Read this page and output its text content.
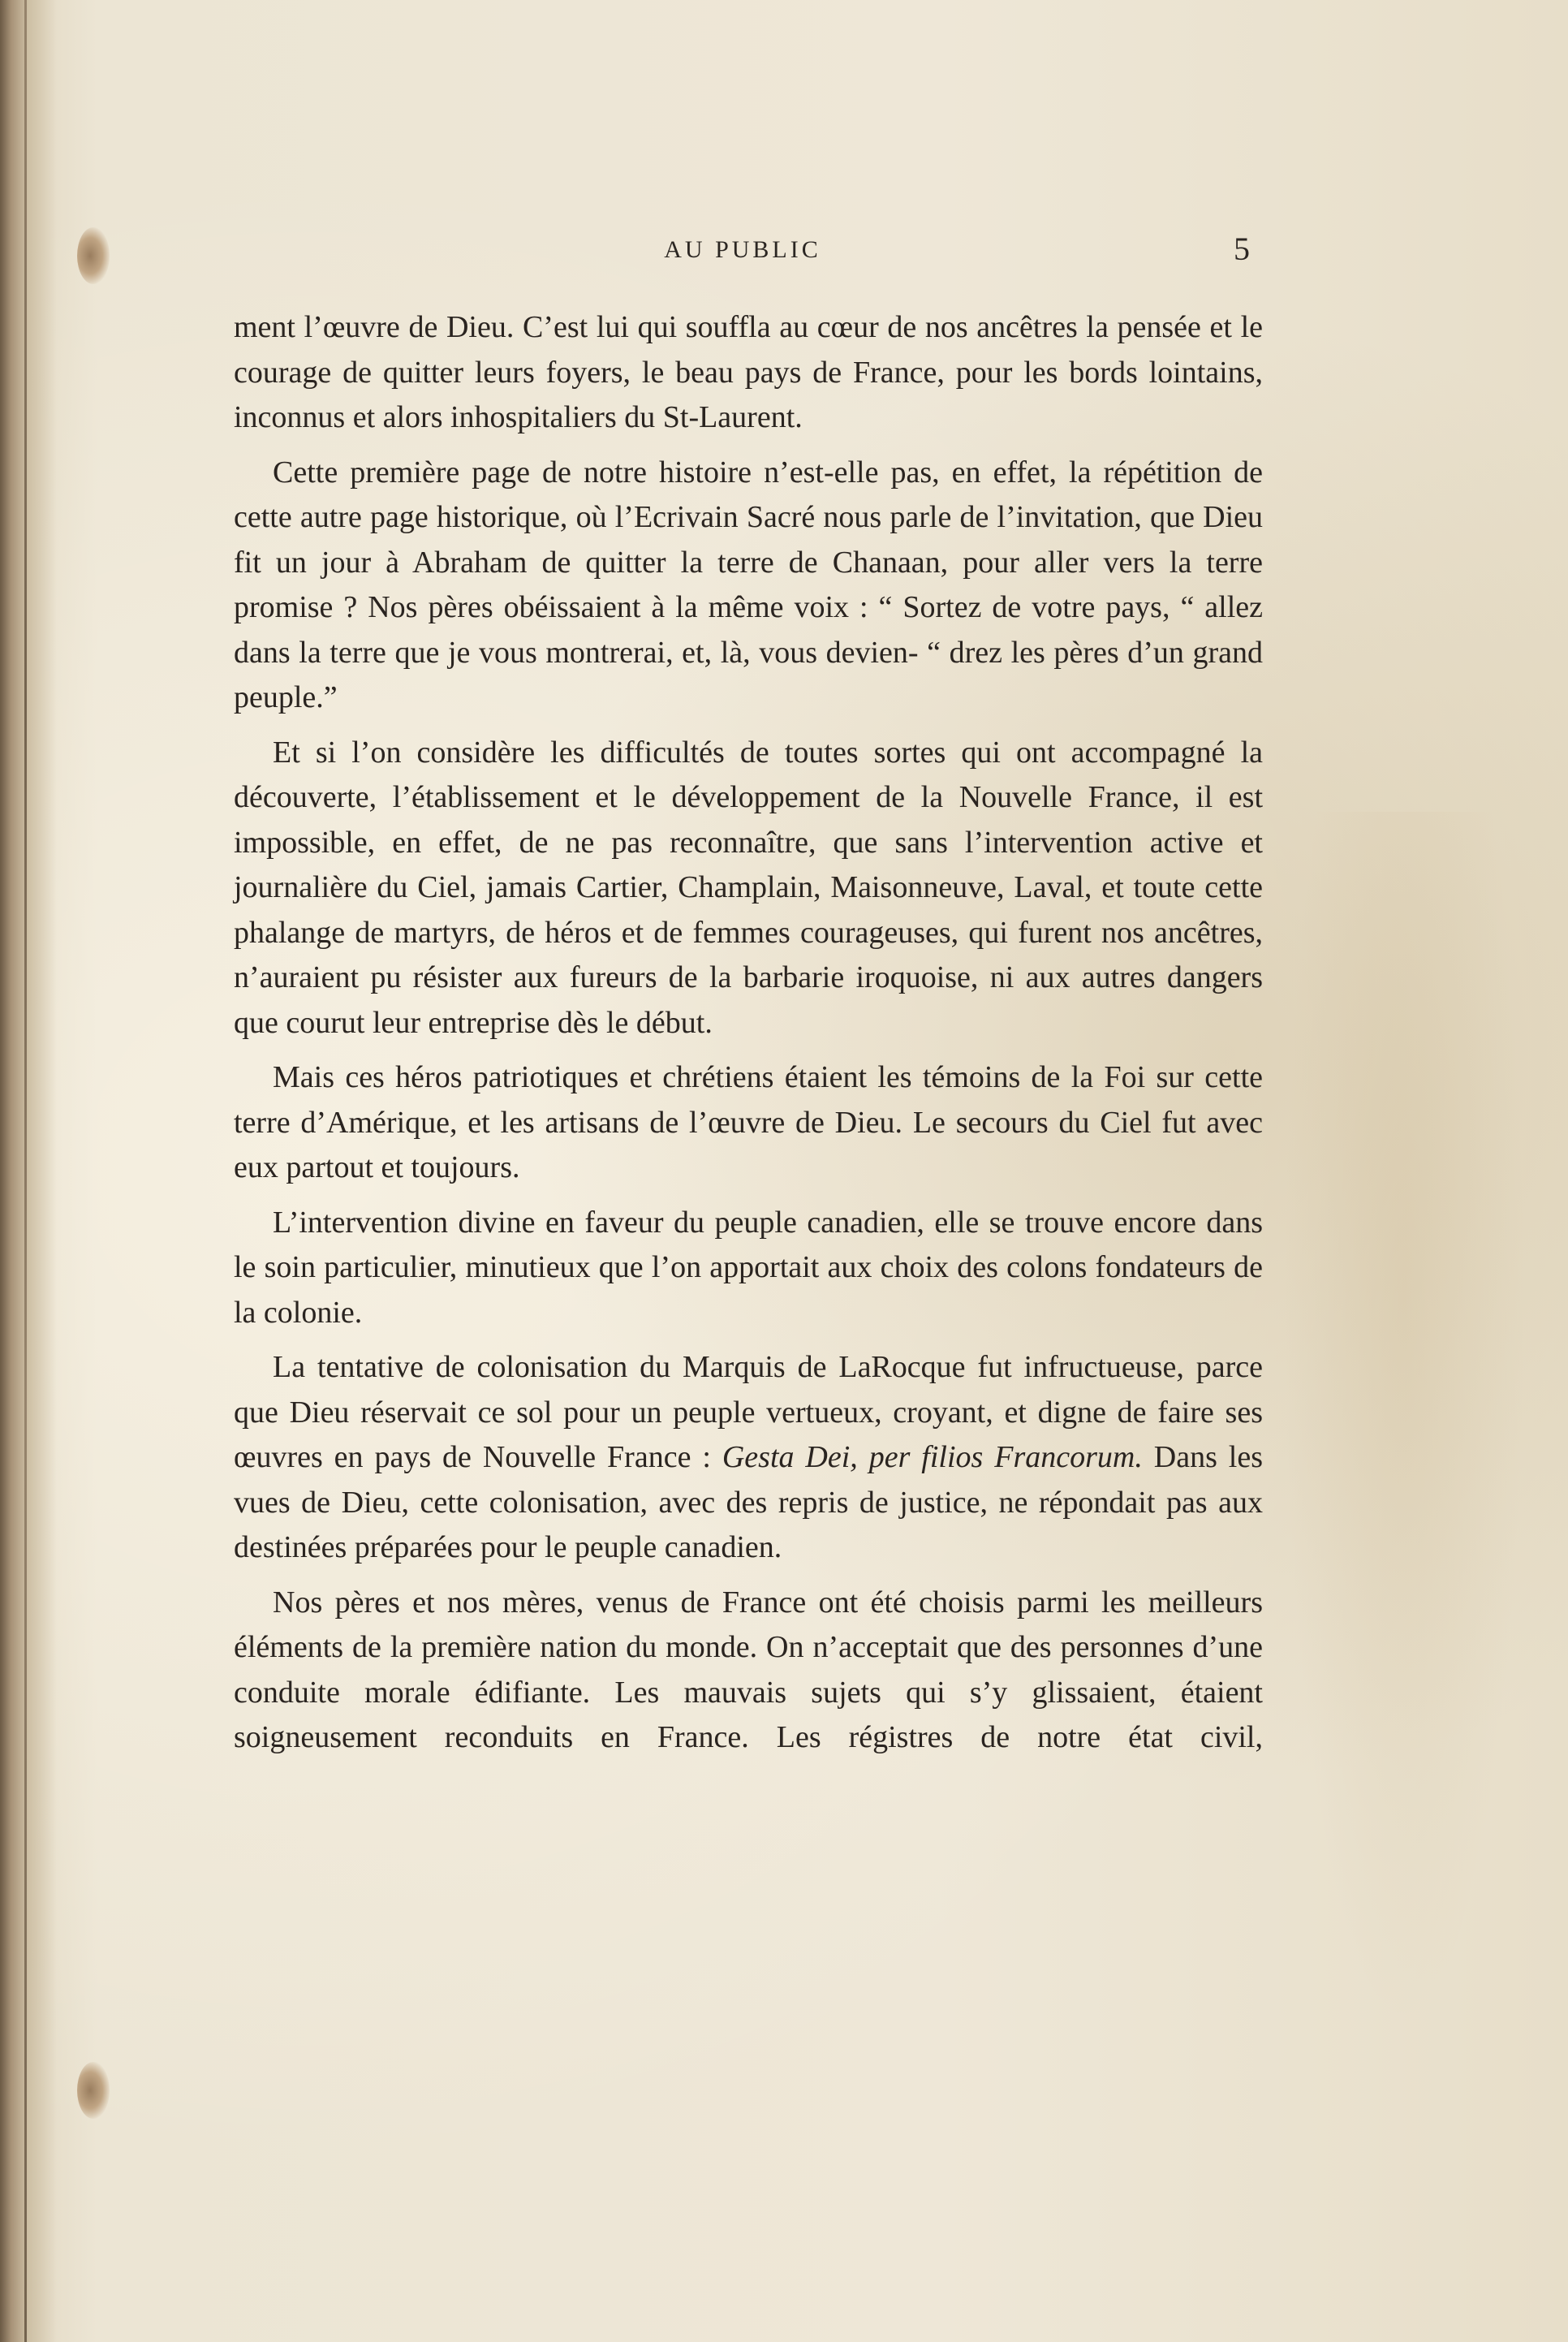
AU PUBLIC	5

ment l’œuvre de Dieu. C’est lui qui souffla au cœur de nos ancêtres la pensée et le courage de quitter leurs foyers, le beau pays de France, pour les bords lointains, inconnus et alors inhospitaliers du St-Laurent.

Cette première page de notre histoire n’est-elle pas, en effet, la répétition de cette autre page historique, où l’Ecrivain Sacré nous parle de l’invitation, que Dieu fit un jour à Abraham de quitter la terre de Chanaan, pour aller vers la terre promise ? Nos pères obéissaient à la même voix : “ Sortez de votre pays, “ allez dans la terre que je vous montrerai, et, là, vous devien- “ drez les pères d’un grand peuple.”

Et si l’on considère les difficultés de toutes sortes qui ont accompagné la découverte, l’établissement et le développement de la Nouvelle France, il est impossible, en effet, de ne pas reconnaître, que sans l’intervention active et journalière du Ciel, jamais Cartier, Champlain, Maisonneuve, Laval, et toute cette phalange de martyrs, de héros et de femmes courageuses, qui furent nos ancêtres, n’auraient pu résister aux fureurs de la barbarie iroquoise, ni aux autres dangers que courut leur entreprise dès le début.

Mais ces héros patriotiques et chrétiens étaient les témoins de la Foi sur cette terre d’Amérique, et les artisans de l’œuvre de Dieu. Le secours du Ciel fut avec eux partout et toujours.

L’intervention divine en faveur du peuple canadien, elle se trouve encore dans le soin particulier, minutieux que l’on apportait aux choix des colons fondateurs de la colonie.

La tentative de colonisation du Marquis de LaRocque fut infructueuse, parce que Dieu réservait ce sol pour un peuple vertueux, croyant, et digne de faire ses œuvres en pays de Nouvelle France : Gesta Dei, per filios Francorum. Dans les vues de Dieu, cette colonisation, avec des repris de justice, ne répondait pas aux destinées préparées pour le peuple canadien.

Nos pères et nos mères, venus de France ont été choisis parmi les meilleurs éléments de la première nation du monde. On n’acceptait que des personnes d’une conduite morale édifiante. Les mauvais sujets qui s’y glissaient, étaient soigneusement reconduits en France. Les régistres de notre état civil,
